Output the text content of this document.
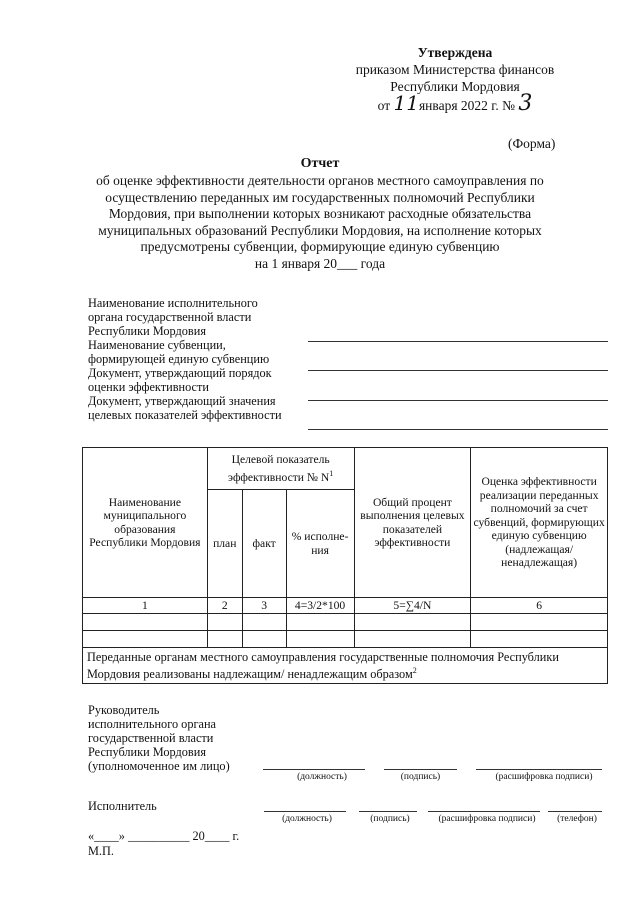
Утверждена
приказом Министерства финансов
Республики Мордовия
от 11января 2022 г. № 3
(Форма)
Отчет
об оценке эффективности деятельности органов местного самоуправления по
осуществлению переданных им государственных полномочий Республики
Мордовия, при выполнении которых возникают расходные обязательства
муниципальных образований Республики Мордовия, на исполнение которых
предусмотрены субвенции, формирующие единую субвенцию
на 1 января 20___ года
Наименование исполнительного
органа государственной власти
Республики Мордовия
Наименование субвенции,
формирующей единую субвенцию
Документ, утверждающий порядок
оценки эффективности
Документ, утверждающий значения
целевых показателей эффективности
Наименование муниципального образования Республики Мордовия	Целевой показатель эффективности № $N^1$			Общий процент выполнения целевых показателей эффективности	Оценка эффективности реализации переданных полномочий за счет субвенций, формирующих единую субвенцию (надлежащая/ ненадлежащая)
	план	факт	% исполне-ния		
1	2	3	4=3/2*100	5=∑4/N	6

Переданные органам местного самоуправления государственные полномочия Республики Мордовия реализованы надлежащим/ ненадлежащим образом$^2$
Руководитель
исполнительного органа
государственной власти
Республики Мордовия
(уполномоченное им лицо)
(должность)	(подпись)	(расшифровка подписи)
Исполнитель
(должность)	(подпись)	(расшифровка подписи)	(телефон)
«____» __________ 20____ г.
М.П.
